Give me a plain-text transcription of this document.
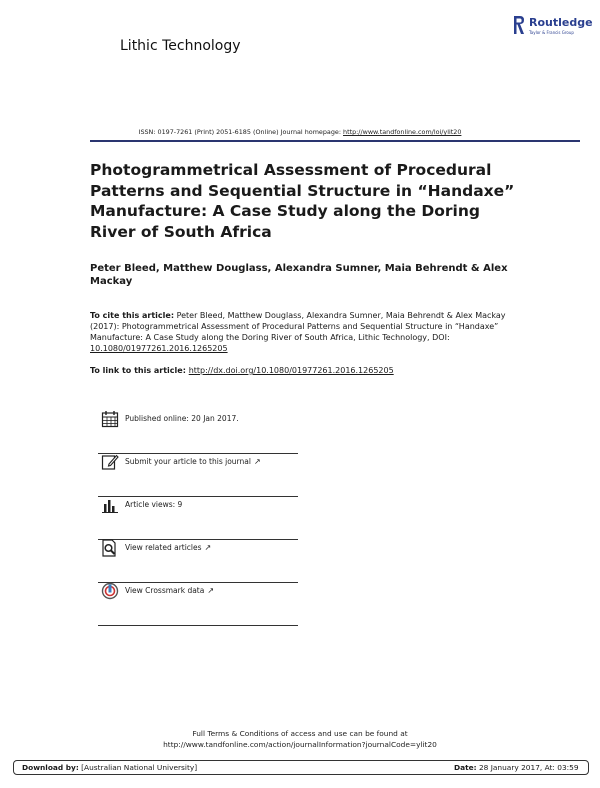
Lithic Technology
Routledge
Taylor & Francis Group
ISSN: 0197-7261 (Print) 2051-6185 (Online) Journal homepage: http://www.tandfonline.com/loi/ylit20
Photogrammetrical Assessment of Procedural Patterns and Sequential Structure in “Handaxe” Manufacture: A Case Study along the Doring River of South Africa
Peter Bleed, Matthew Douglass, Alexandra Sumner, Maia Behrendt & Alex Mackay
To cite this article: Peter Bleed, Matthew Douglass, Alexandra Sumner, Maia Behrendt & Alex Mackay (2017): Photogrammetrical Assessment of Procedural Patterns and Sequential Structure in “Handaxe” Manufacture: A Case Study along the Doring River of South Africa, Lithic Technology, DOI: 10.1080/01977261.2016.1265205
To link to this article: http://dx.doi.org/10.1080/01977261.2016.1265205
Published online: 20 Jan 2017.
Submit your article to this journal ↗
Article views: 9
View related articles ↗
View Crossmark data ↗
Full Terms & Conditions of access and use can be found at
http://www.tandfonline.com/action/journalInformation?journalCode=ylit20
Download by: [Australian National University]	Date: 28 January 2017, At: 03:59
